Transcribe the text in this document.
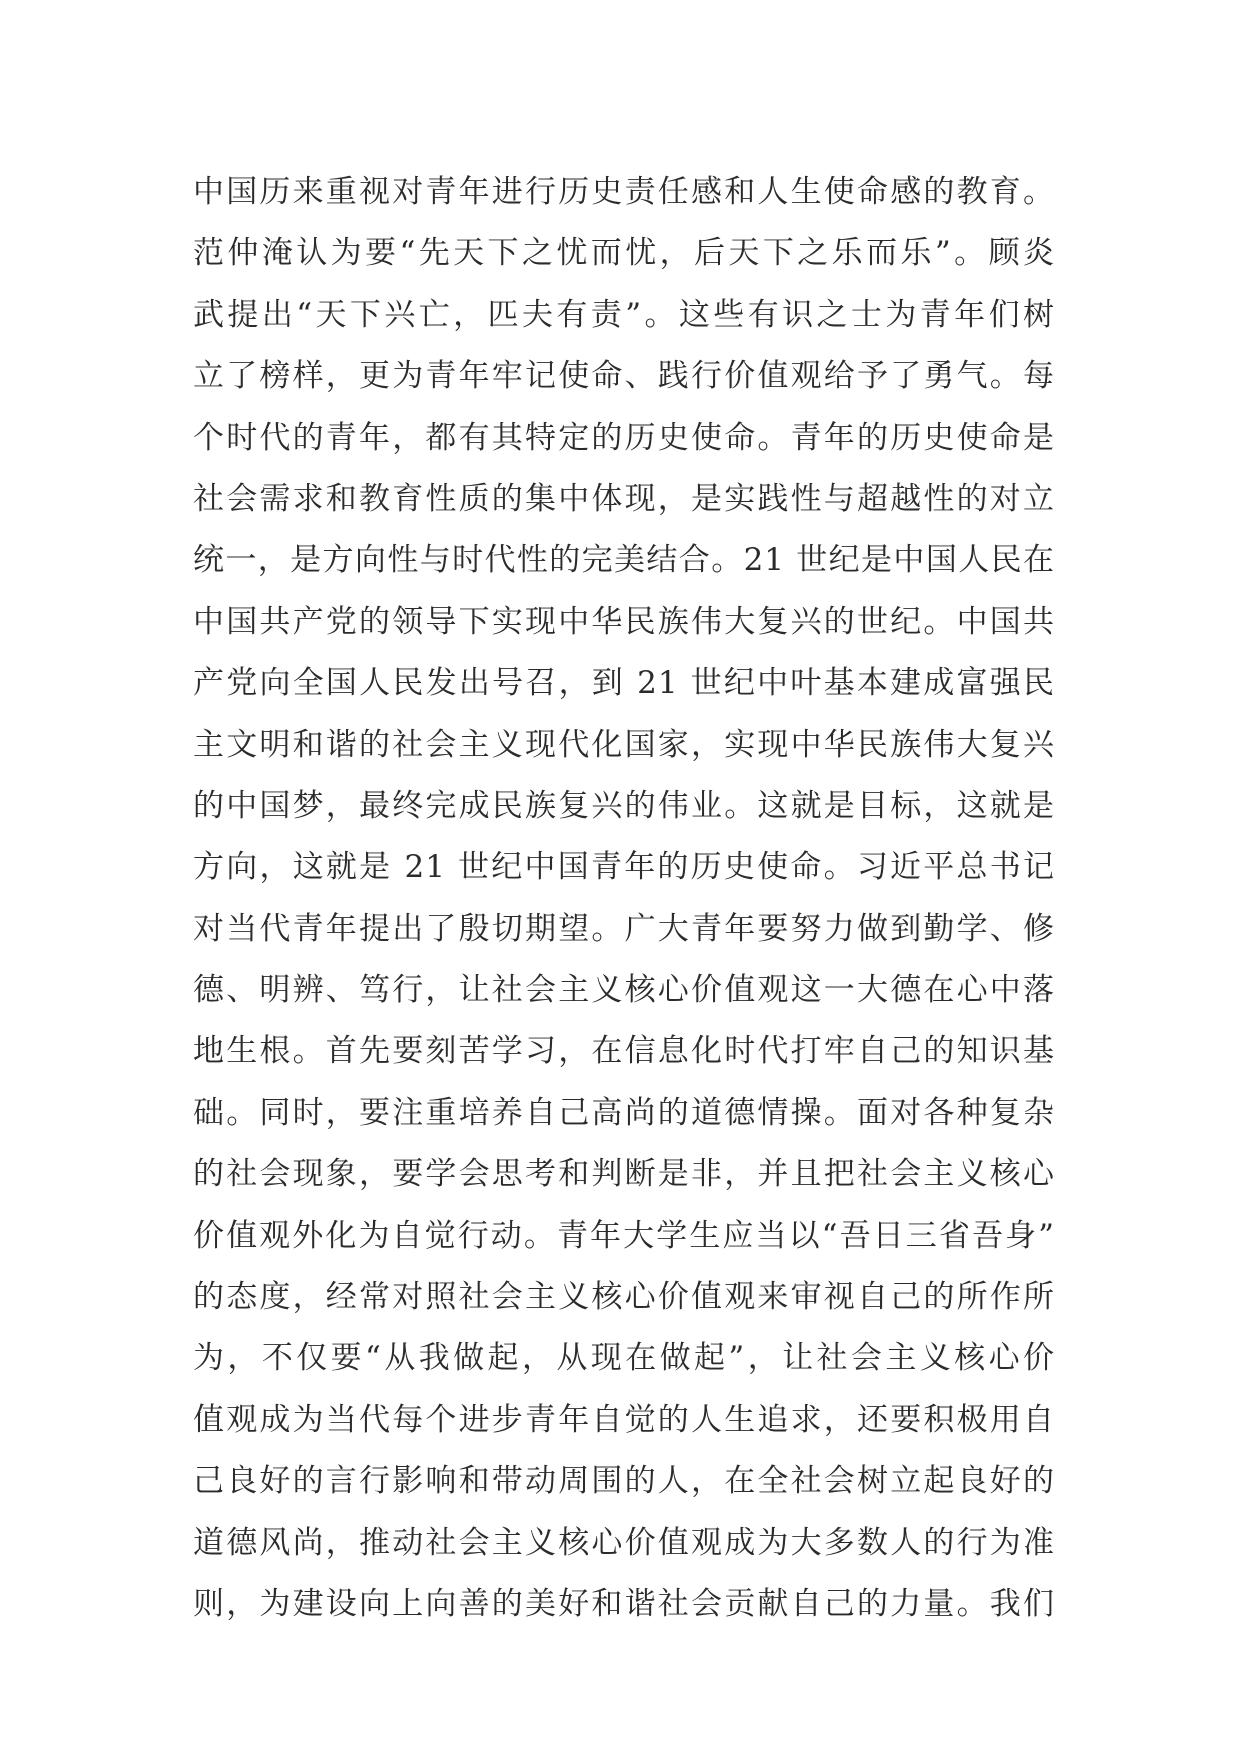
中国历来重视对青年进行历史责任感和人生使命感的教育。
范仲淹认为要“先天下之忧而忧，后天下之乐而乐”。顾炎
武提出“天下兴亡，匹夫有责”。这些有识之士为青年们树
立了榜样，更为青年牢记使命、践行价值观给予了勇气。每
个时代的青年，都有其特定的历史使命。青年的历史使命是
社会需求和教育性质的集中体现，是实践性与超越性的对立
统一，是方向性与时代性的完美结合。21 世纪是中国人民在
中国共产党的领导下实现中华民族伟大复兴的世纪。中国共
产党向全国人民发出号召，到 21 世纪中叶基本建成富强民
主文明和谐的社会主义现代化国家，实现中华民族伟大复兴
的中国梦，最终完成民族复兴的伟业。这就是目标，这就是
方向，这就是 21 世纪中国青年的历史使命。习近平总书记
对当代青年提出了殷切期望。广大青年要努力做到勤学、修
德、明辨、笃行，让社会主义核心价值观这一大德在心中落
地生根。首先要刻苦学习，在信息化时代打牢自己的知识基
础。同时，要注重培养自己高尚的道德情操。面对各种复杂
的社会现象，要学会思考和判断是非，并且把社会主义核心
价值观外化为自觉行动。青年大学生应当以“吾日三省吾身”
的态度，经常对照社会主义核心价值观来审视自己的所作所
为，不仅要“从我做起，从现在做起”，让社会主义核心价
值观成为当代每个进步青年自觉的人生追求，还要积极用自
己良好的言行影响和带动周围的人，在全社会树立起良好的
道德风尚，推动社会主义核心价值观成为大多数人的行为准
则，为建设向上向善的美好和谐社会贡献自己的力量。我们
